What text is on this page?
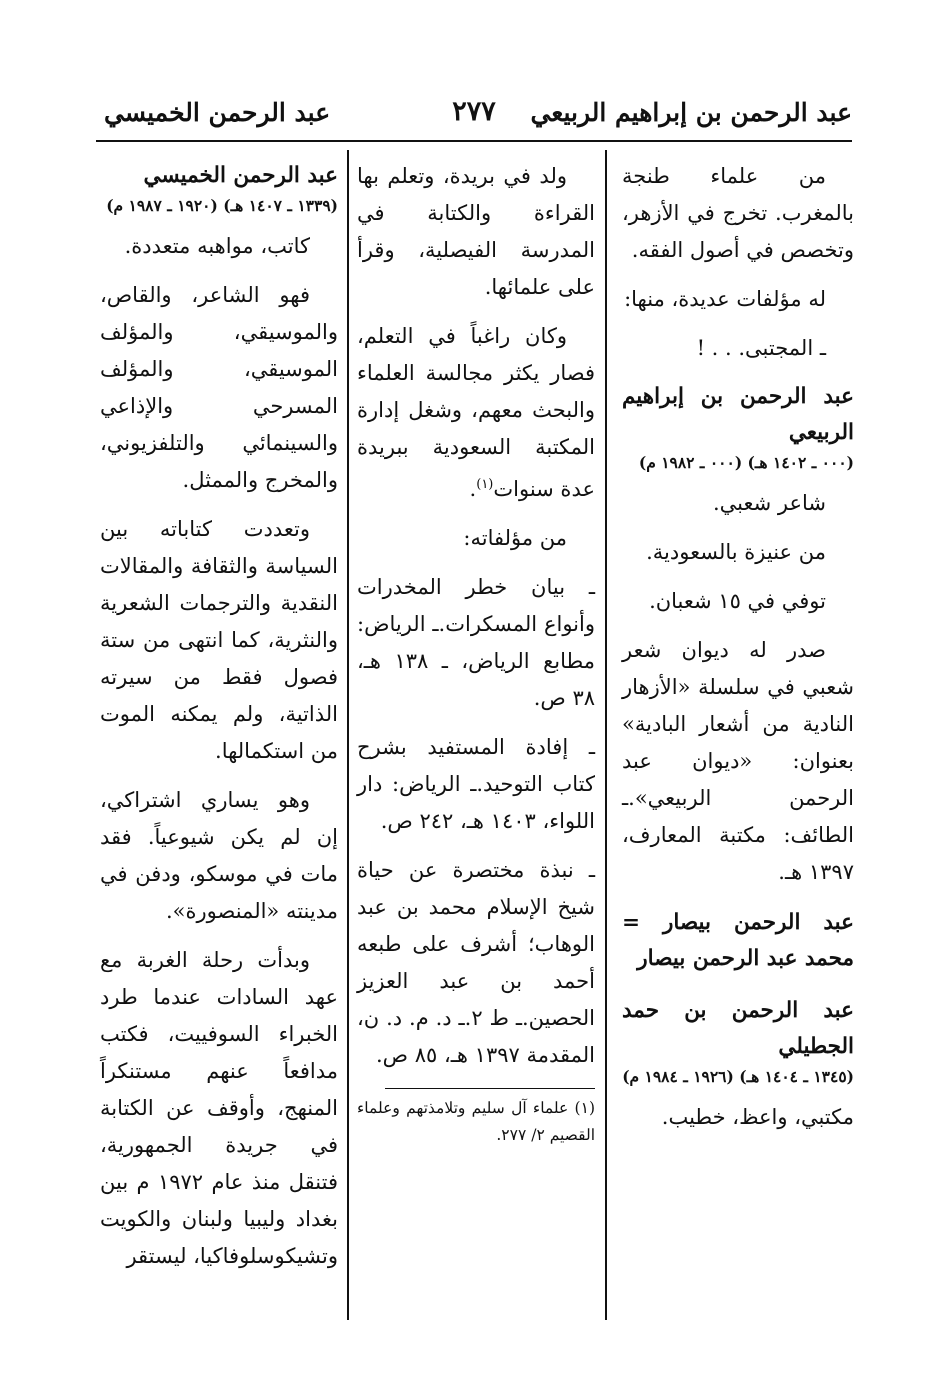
عبد الرحمن بن إبراهيم الربيعي
٢٧٧
عبد الرحمن الخميسي

من علماء طنجة بالمغرب. تخرج في الأزهر، وتخصص في أصول الفقه.

له مؤلفات عديدة، منها:

ـ المجتبى. . . !

عبد الرحمن بن إبراهيم الربيعي
(٠٠٠ ـ ١٤٠٢ هـ) (٠٠٠ ـ ١٩٨٢ م)

شاعر شعبي.

من عنيزة بالسعودية.

توفي في ١٥ شعبان.

صدر له ديوان شعر شعبي في سلسلة «الأزهار النادية من أشعار البادية» بعنوان: «ديوان عبد الرحمن الربيعي».ـ الطائف: مكتبة المعارف، ١٣٩٧ هـ.

عبد الرحمن بيصار = محمد عبد الرحمن بيصار
عبد الرحمن بن حمد الجطيلي
(١٣٤٥ ـ ١٤٠٤ هـ) (١٩٢٦ ـ ١٩٨٤ م)

مكتبي، واعظ، خطيب.

ولد في بريدة، وتعلم بها القراءة والكتابة في المدرسة الفيصلية، وقرأ على علمائها.

وكان راغباً في التعلم، فصار يكثر مجالسة العلماء والبحث معهم، وشغل إدارة المكتبة السعودية ببريدة عدة سنوات$^{(١)}$.

من مؤلفاته:

ـ بيان خطر المخدرات وأنواع المسكرات.ـ الرياض: مطابع الرياض، ـ ١٣٨ هـ، ٣٨ ص.

ـ إفادة المستفيد بشرح كتاب التوحيد.ـ الرياض: دار اللواء، ١٤٠٣ هـ، ٢٤٢ ص.

ـ نبذة مختصرة عن حياة شيخ الإسلام محمد بن عبد الوهاب؛ أشرف على طبعه أحمد بن عبد العزيز الحصين.ـ ط ٢.ـ د. م. د. ن، المقدمة ١٣٩٧ هـ، ٨٥ ص.

(١) علماء آل سليم وتلامذتهم وعلماء القصيم ٢/ ٢٧٧.
عبد الرحمن الخميسي
(١٣٣٩ ـ ١٤٠٧ هـ) (١٩٢٠ ـ ١٩٨٧ م)

كاتب، مواهبه متعددة.

فهو الشاعر، والقاص، والموسيقي، والمؤلف الموسيقي، والمؤلف المسرحي والإذاعي والسينمائي والتلفزيوني، والمخرج والممثل.

وتعددت كتاباته بين السياسة والثقافة والمقالات النقدية والترجمات الشعرية والنثرية، كما انتهى من ستة فصول فقط من سيرته الذاتية، ولم يمكنه الموت من استكمالها.

وهو يساري اشتراكي، إن لم يكن شيوعياً. فقد مات في موسكو، ودفن في مدينته «المنصورة».

وبدأت رحلة الغربة مع عهد السادات عندما طرد الخبراء السوفييت، فكتب مدافعاً عنهم مستنكراً المنهج، وأوقف عن الكتابة في جريدة الجمهورية، فتنقل منذ عام ١٩٧٢ م بين بغداد وليبيا ولبنان والكويت وتشيكوسلوفاكيا، ليستقر
